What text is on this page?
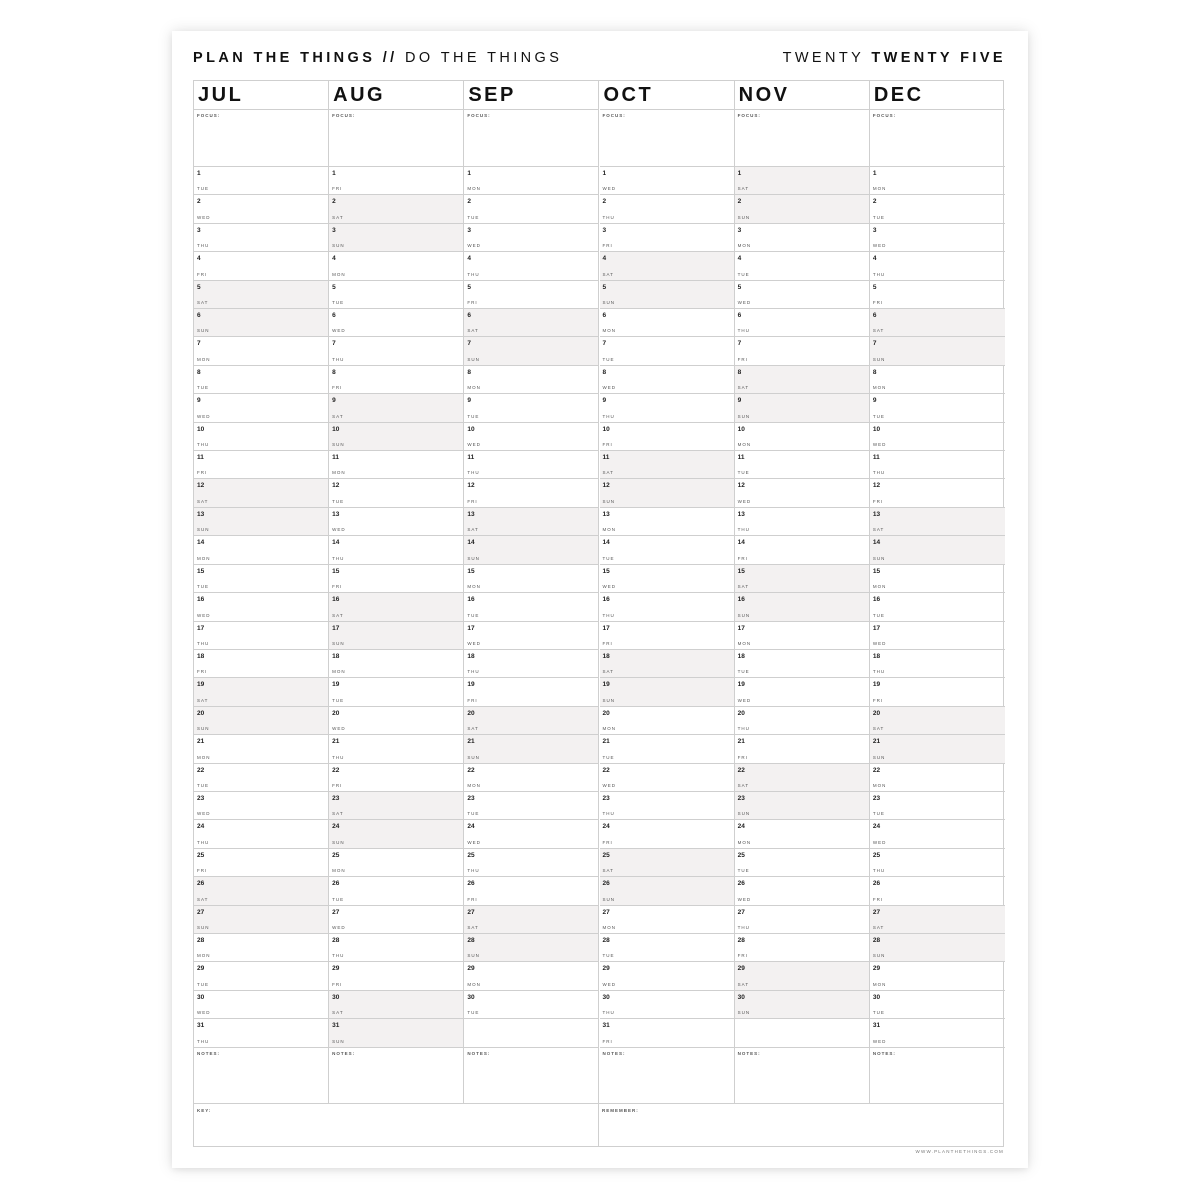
PLAN THE THINGS // DO THE THINGS	TWENTY TWENTY FIVE
KEY:	REMEMBER:
JUL
FOCUS:
1
TUE
2
WED
3
THU
4
FRI
5
SAT
6
SUN
7
MON
8
TUE
9
WED
10
THU
11
FRI
12
SAT
13
SUN
14
MON
15
TUE
16
WED
17
THU
18
FRI
19
SAT
20
SUN
21
MON
22
TUE
23
WED
24
THU
25
FRI
26
SAT
27
SUN
28
MON
29
TUE
30
WED
31
THU
NOTES:
AUG
FOCUS:
1
FRI
2
SAT
3
SUN
4
MON
5
TUE
6
WED
7
THU
8
FRI
9
SAT
10
SUN
11
MON
12
TUE
13
WED
14
THU
15
FRI
16
SAT
17
SUN
18
MON
19
TUE
20
WED
21
THU
22
FRI
23
SAT
24
SUN
25
MON
26
TUE
27
WED
28
THU
29
FRI
30
SAT
31
SUN
NOTES:
SEP
FOCUS:
1
MON
2
TUE
3
WED
4
THU
5
FRI
6
SAT
7
SUN
8
MON
9
TUE
10
WED
11
THU
12
FRI
13
SAT
14
SUN
15
MON
16
TUE
17
WED
18
THU
19
FRI
20
SAT
21
SUN
22
MON
23
TUE
24
WED
25
THU
26
FRI
27
SAT
28
SUN
29
MON
30
TUE
NOTES:
OCT
FOCUS:
1
WED
2
THU
3
FRI
4
SAT
5
SUN
6
MON
7
TUE
8
WED
9
THU
10
FRI
11
SAT
12
SUN
13
MON
14
TUE
15
WED
16
THU
17
FRI
18
SAT
19
SUN
20
MON
21
TUE
22
WED
23
THU
24
FRI
25
SAT
26
SUN
27
MON
28
TUE
29
WED
30
THU
31
FRI
NOTES:
NOV
FOCUS:
1
SAT
2
SUN
3
MON
4
TUE
5
WED
6
THU
7
FRI
8
SAT
9
SUN
10
MON
11
TUE
12
WED
13
THU
14
FRI
15
SAT
16
SUN
17
MON
18
TUE
19
WED
20
THU
21
FRI
22
SAT
23
SUN
24
MON
25
TUE
26
WED
27
THU
28
FRI
29
SAT
30
SUN
NOTES:
DEC
FOCUS:
1
MON
2
TUE
3
WED
4
THU
5
FRI
6
SAT
7
SUN
8
MON
9
TUE
10
WED
11
THU
12
FRI
13
SAT
14
SUN
15
MON
16
TUE
17
WED
18
THU
19
FRI
20
SAT
21
SUN
22
MON
23
TUE
24
WED
25
THU
26
FRI
27
SAT
28
SUN
29
MON
30
TUE
31
WED
NOTES:
WWW.PLANTHETHINGS.COM
